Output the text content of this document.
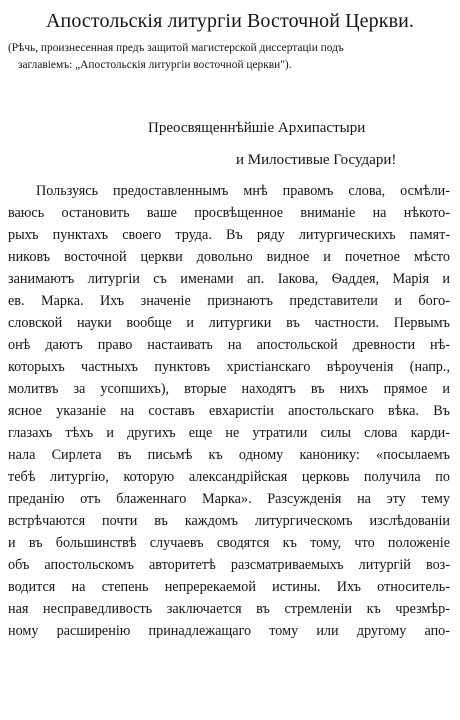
Апостольскія литургіи Восточной Церкви.
(Рѣчь, произнесенная предъ защитой магистерской диссертаціи подъ
заглавіемъ: „Апостольскія литургіи восточной церкви").

Преосвященнѣйшіе Архипастыри

и Милостивые Государи!

Пользуясь предоставленнымъ мнѣ правомъ слова, осмѣли-
ваюсь остановить ваше просвѣщенное вниманіе на нѣкото-
рыхъ пунктахъ своего труда. Въ ряду литургическихъ памят-
никовъ восточной церкви довольно видное и почетное мѣсто
занимаютъ литургіи съ именами ап. Іакова, Ѳаддея, Марія и
ев. Марка. Ихъ значеніе признаютъ представители и бого-
словской науки вообще и литургики въ частности. Первымъ
онѣ даютъ право настаивать на апостольской древности нѣ-
которыхъ частныхъ пунктовъ христіанскаго вѣроученія (напр.,
молитвъ за усопшихъ), вторые находятъ въ нихъ прямое и
ясное указаніе на составъ евхаристіи апостольскаго вѣка. Въ
глазахъ тѣхъ и другихъ еще не утратили силы слова карди-
нала Сирлета въ письмѣ къ одному канонику: «посылаемъ
тебѣ литургію, которую александрійская церковь получила по
преданію отъ блаженнаго Марка». Разсужденія на эту тему
встрѣчаются почти въ каждомъ литургическомъ изслѣдованіи
и въ большинствѣ случаевъ сводятся къ тому, что положеніе
объ апостольскомъ авторитетѣ разсматриваемыхъ литургій воз-
водится на степень непререкаемой истины. Ихъ относитель-
ная несправедливость заключается въ стремленіи къ чрезмѣр-
ному расширенію принадлежащаго тому или другому апо-
